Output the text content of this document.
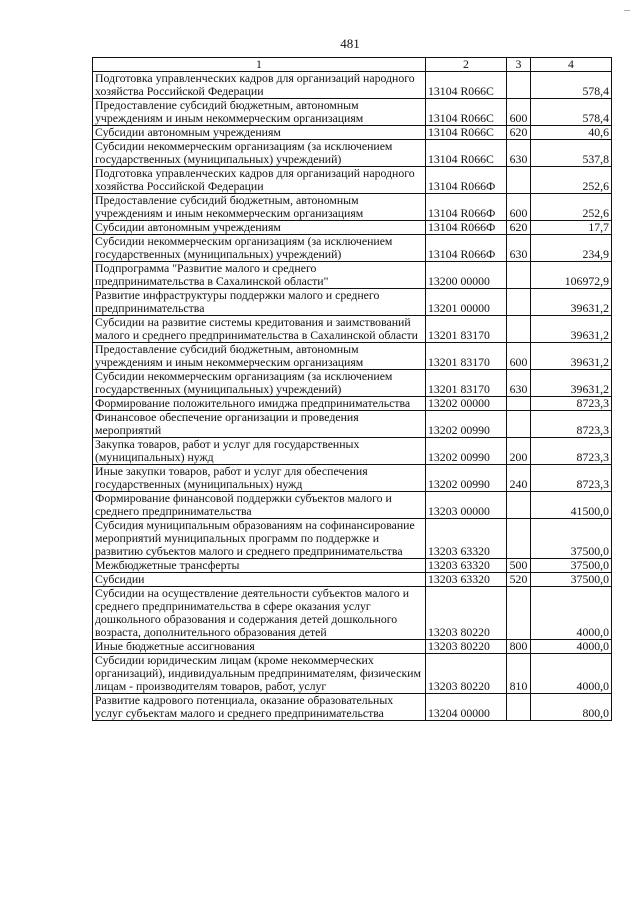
481
–
1	2	3	4
Подготовка управленческих кадров для организаций народного хозяйства Российской Федерации	13104 R066C		578,4
Предоставление субсидий бюджетным, автономным учреждениям и иным некоммерческим организациям	13104 R066C	600	578,4
Субсидии автономным учреждениям	13104 R066C	620	40,6
Субсидии некоммерческим организациям (за исключением государственных (муниципальных) учреждений)	13104 R066C	630	537,8
Подготовка управленческих кадров для организаций народного хозяйства Российской Федерации	13104 R066Ф		252,6
Предоставление субсидий бюджетным, автономным учреждениям и иным некоммерческим организациям	13104 R066Ф	600	252,6
Субсидии автономным учреждениям	13104 R066Ф	620	17,7
Субсидии некоммерческим организациям (за исключением государственных (муниципальных) учреждений)	13104 R066Ф	630	234,9
Подпрограмма "Развитие малого и среднего предпринимательства в Сахалинской области"	13200 00000		106972,9
Развитие инфраструктуры поддержки малого и среднего предпринимательства	13201 00000		39631,2
Субсидии на развитие системы кредитования и заимствований малого и среднего предпринимательства в Сахалинской области	13201 83170		39631,2
Предоставление субсидий бюджетным, автономным учреждениям и иным некоммерческим организациям	13201 83170	600	39631,2
Субсидии некоммерческим организациям (за исключением государственных (муниципальных) учреждений)	13201 83170	630	39631,2
Формирование положительного имиджа предпринимательства	13202 00000		8723,3
Финансовое обеспечение организации и проведения мероприятий	13202 00990		8723,3
Закупка товаров, работ и услуг для государственных (муниципальных) нужд	13202 00990	200	8723,3
Иные закупки товаров, работ и услуг для обеспечения государственных (муниципальных) нужд	13202 00990	240	8723,3
Формирование финансовой поддержки субъектов малого и среднего предпринимательства	13203 00000		41500,0
Субсидия муниципальным образованиям на софинансирование мероприятий муниципальных программ по поддержке и развитию субъектов малого и среднего предпринимательства	13203 63320		37500,0
Межбюджетные трансферты	13203 63320	500	37500,0
Субсидии	13203 63320	520	37500,0
Субсидии на осуществление деятельности субъектов малого и среднего предпринимательства в сфере оказания услуг дошкольного образования и содержания детей дошкольного возраста, дополнительного образования детей	13203 80220		4000,0
Иные бюджетные ассигнования	13203 80220	800	4000,0
Субсидии юридическим лицам (кроме некоммерческих организаций), индивидуальным предпринимателям, физическим лицам - производителям товаров, работ, услуг	13203 80220	810	4000,0
Развитие кадрового потенциала, оказание образовательных услуг субъектам малого и среднего предпринимательства	13204 00000		800,0
